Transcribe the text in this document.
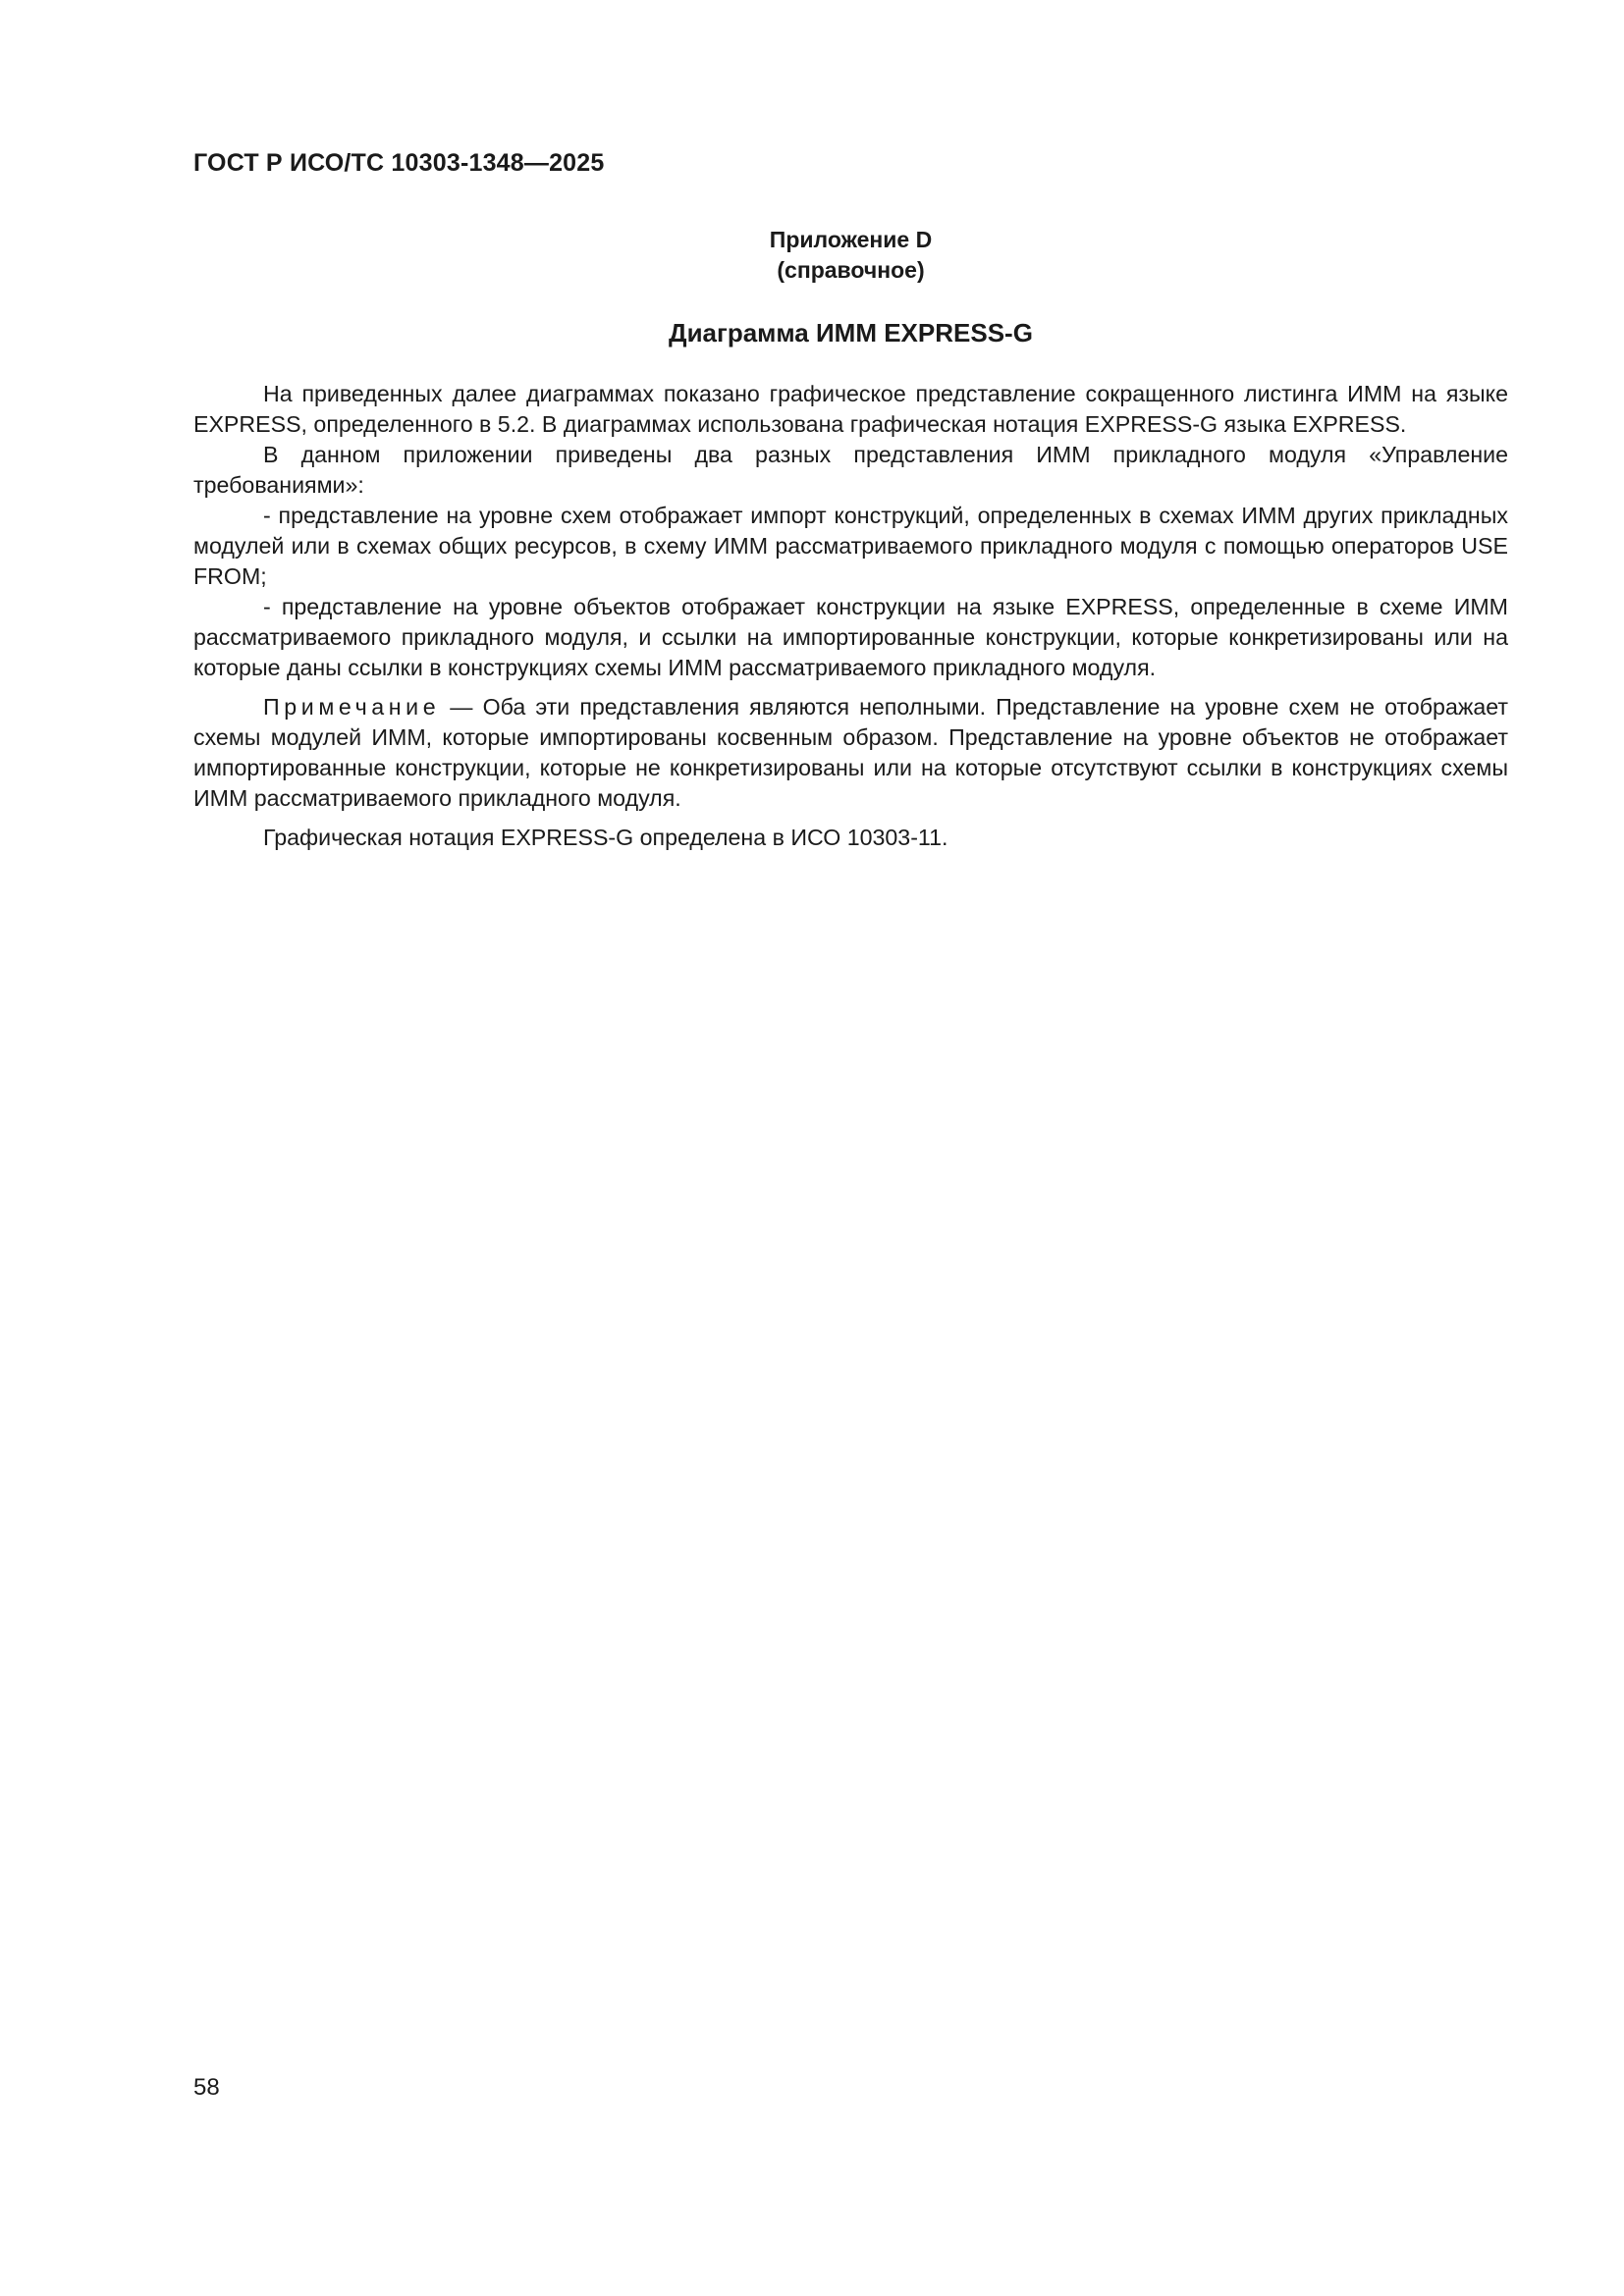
ГОСТ Р ИСО/ТС 10303-1348—2025
Приложение D
(справочное)
Диаграмма ИММ EXPRESS-G

На приведенных далее диаграммах показано графическое представление сокращенного листинга ИММ на языке EXPRESS, определенного в 5.2. В диаграммах использована графическая нотация EXPRESS-G языка EXPRESS.

В данном приложении приведены два разных представления ИММ прикладного модуля «Управление требованиями»:

- представление на уровне схем отображает импорт конструкций, определенных в схемах ИММ других прикладных модулей или в схемах общих ресурсов, в схему ИММ рассматриваемого прикладного модуля с помощью операторов USE FROM;

- представление на уровне объектов отображает конструкции на языке EXPRESS, определенные в схеме ИММ рассматриваемого прикладного модуля, и ссылки на импортированные конструкции, которые конкретизированы или на которые даны ссылки в конструкциях схемы ИММ рассматриваемого прикладного модуля.

Примечание — Оба эти представления являются неполными. Представление на уровне схем не отображает схемы модулей ИММ, которые импортированы косвенным образом. Представление на уровне объектов не отображает импортированные конструкции, которые не конкретизированы или на которые отсутствуют ссылки в конструкциях схемы ИММ рассматриваемого прикладного модуля.

Графическая нотация EXPRESS-G определена в ИСО 10303-11.

58
